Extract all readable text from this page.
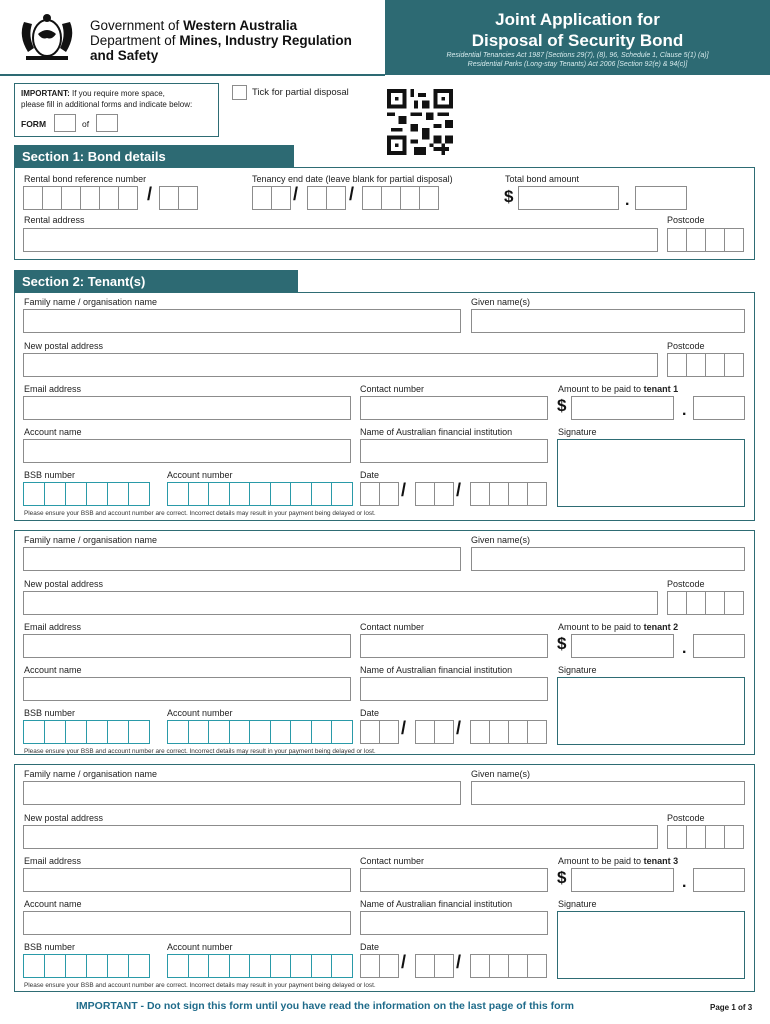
Government of Western Australia
Department of Mines, Industry Regulation
and Safety
Joint Application for
Disposal of Security Bond
Residential Tenancies Act 1987 [Sections 29(7), (8), 96, Schedule 1, Clause 5(1) (a)]
Residential Parks (Long-stay Tenants) Act 2006 [Section 92(e) & 94(c)]
IMPORTANT: If you require more space,
please fill in additional forms and indicate below:
FORM	of
Tick for partial disposal
Section 1: Bond details
Rental bond reference number
/
Tenancy end date (leave blank for partial disposal)
/	/
Total bond amount
$	.
Rental address	Postcode
Section 2: Tenant(s)
Family name / organisation name	Given name(s)
New postal address	Postcode
Email address	Contact number	Amount to be paid to tenant 1
$	.
Account name	Name of Australian financial institution	Signature
BSB number	Account number	Date
/	/
Please ensure your BSB and account number are correct. Incorrect details may result in your payment being delayed or lost.
Family name / organisation name	Given name(s)
New postal address	Postcode
Email address	Contact number	Amount to be paid to tenant 2
$	.
Account name	Name of Australian financial institution	Signature
BSB number	Account number	Date
/	/
Please ensure your BSB and account number are correct. Incorrect details may result in your payment being delayed or lost.
Family name / organisation name	Given name(s)
New postal address	Postcode
Email address	Contact number	Amount to be paid to tenant 3
$	.
Account name	Name of Australian financial institution	Signature
BSB number	Account number	Date
/	/
Please ensure your BSB and account number are correct. Incorrect details may result in your payment being delayed or lost.
IMPORTANT - Do not sign this form until you have read the information on the last page of this form	Page 1 of 3
